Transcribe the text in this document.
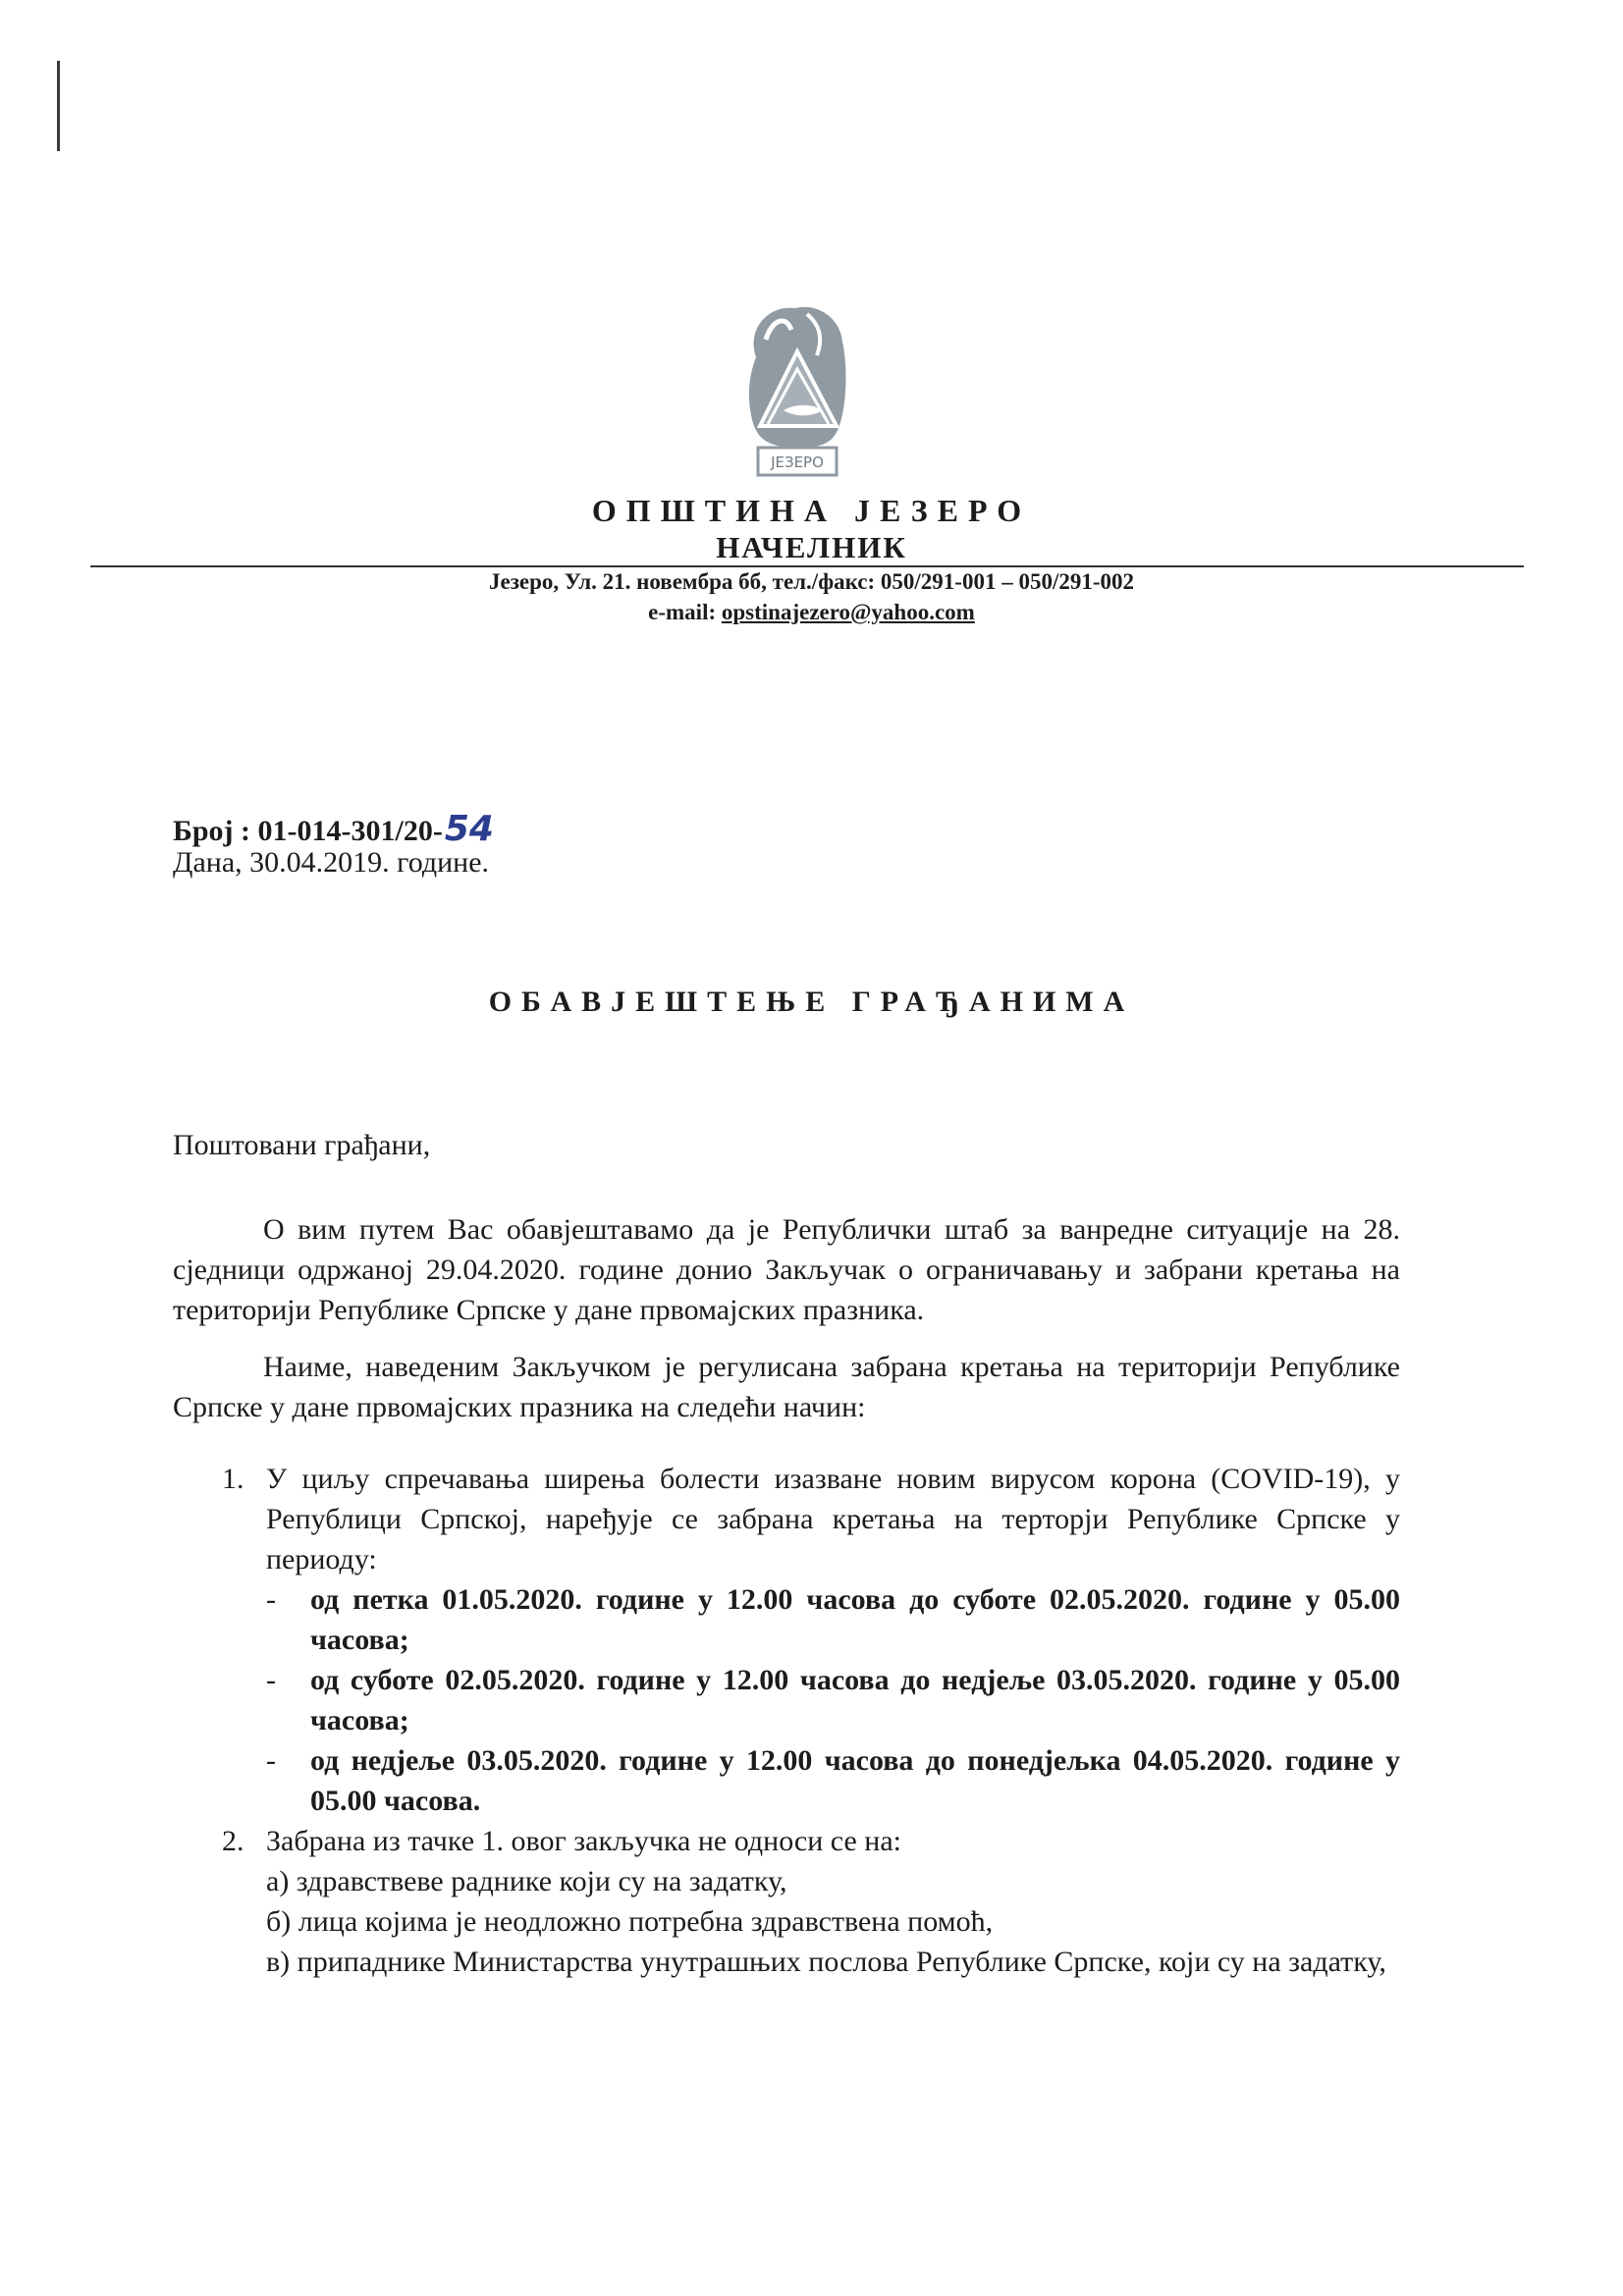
ЈЕЗЕРО
ОПШТИНА ЈЕЗЕРО
НАЧЕЛНИК
Језеро, Ул. 21. новембра бб, тел./факс: 050/291-001 – 050/291-002
e-mail: opstinajezero@yahoo.com
Број : 01-014-301/20-54
Дана, 30.04.2019. године.
ОБАВЈЕШТЕЊЕ ГРАЂАНИМА
Поштовани грађани,
О вим путем Вас обавјештавамо да је Републички штаб за ванредне ситуације на 28. сједници одржаној 29.04.2020. године донио Закључак о ограничавању и забрани кретања на територији Републике Српске у дане првомајских празника.
Наиме, наведеним Закључком је регулисана забрана кретања на територији Републике Српске у дане првомајских празника на следећи начин:
1. У циљу спречавања ширења болести изазване новим вирусом корона (COVID-19), у Републици Српској, наређује се забрана кретања на терторји Републике Српске у периоду:
- од петка 01.05.2020. године у 12.00 часова до суботе 02.05.2020. године у 05.00 часова;
- од суботе 02.05.2020. године у 12.00 часова до недјеље 03.05.2020. године у 05.00 часова;
- од недјеље 03.05.2020. године у 12.00 часова до понедјељка 04.05.2020. године у 05.00 часова.
2. Забрана из тачке 1. овог закључка не односи се на:
а) здравствеве раднике који су на задатку,
б) лица којима је неодложно потребна здравствена помоћ,
в) припаднике Министарства унутрашњих послова Републике Српске, који су на задатку,
